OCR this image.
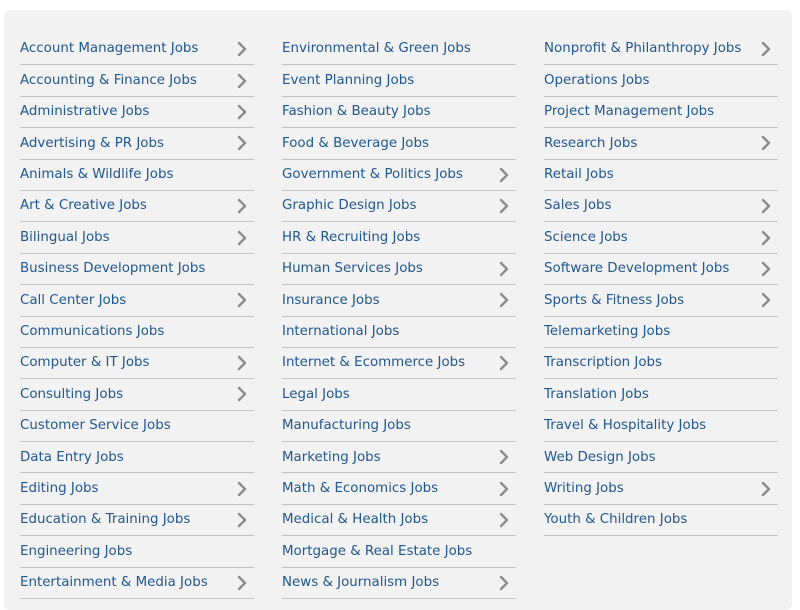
Account Management Jobs
Accounting & Finance Jobs
Administrative Jobs
Advertising & PR Jobs
Animals & Wildlife Jobs
Art & Creative Jobs
Bilingual Jobs
Business Development Jobs
Call Center Jobs
Communications Jobs
Computer & IT Jobs
Consulting Jobs
Customer Service Jobs
Data Entry Jobs
Editing Jobs
Education & Training Jobs
Engineering Jobs
Entertainment & Media Jobs
Environmental & Green Jobs
Event Planning Jobs
Fashion & Beauty Jobs
Food & Beverage Jobs
Government & Politics Jobs
Graphic Design Jobs
HR & Recruiting Jobs
Human Services Jobs
Insurance Jobs
International Jobs
Internet & Ecommerce Jobs
Legal Jobs
Manufacturing Jobs
Marketing Jobs
Math & Economics Jobs
Medical & Health Jobs
Mortgage & Real Estate Jobs
News & Journalism Jobs
Nonprofit & Philanthropy Jobs
Operations Jobs
Project Management Jobs
Research Jobs
Retail Jobs
Sales Jobs
Science Jobs
Software Development Jobs
Sports & Fitness Jobs
Telemarketing Jobs
Transcription Jobs
Translation Jobs
Travel & Hospitality Jobs
Web Design Jobs
Writing Jobs
Youth & Children Jobs
